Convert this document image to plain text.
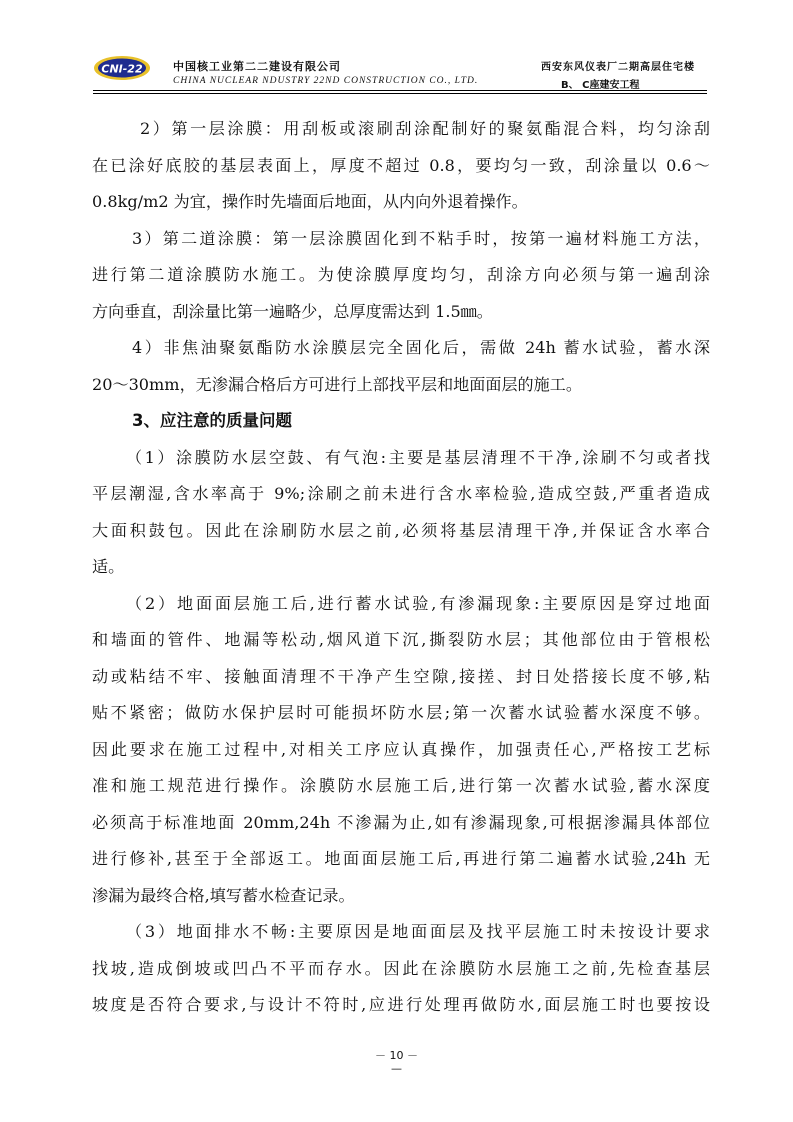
CNI-22	中国核工业第二二建设有限公司
CHINA NUCLEAR NDUSTRY 22ND CONSTRUCTION CO., LTD.
西安东风仪表厂二期高层住宅楼
B、 C座建安工程
2）第一层涂膜：用刮板或滚刷刮涂配制好的聚氨酯混合料，均匀涂刮
在已涂好底胶的基层表面上，厚度不超过 0.8，要均匀一致，刮涂量以 0.6～
0.8kg/m2 为宜，操作时先墙面后地面，从内向外退着操作。
3）第二道涂膜：第一层涂膜固化到不粘手时，按第一遍材料施工方法，
进行第二道涂膜防水施工。为使涂膜厚度均匀，刮涂方向必须与第一遍刮涂
方向垂直，刮涂量比第一遍略少，总厚度需达到 1.5㎜。
4）非焦油聚氨酯防水涂膜层完全固化后，需做 24h 蓄水试验，蓄水深
20～30mm，无渗漏合格后方可进行上部找平层和地面面层的施工。
3、应注意的质量问题
（1）涂膜防水层空鼓、有气泡:主要是基层清理不干净,涂刷不匀或者找
平层潮湿,含水率高于 9%;涂刷之前未进行含水率检验,造成空鼓,严重者造成
大面积鼓包。因此在涂刷防水层之前,必须将基层清理干净,并保证含水率合
适。
（2）地面面层施工后,进行蓄水试验,有渗漏现象:主要原因是穿过地面
和墙面的管件、地漏等松动,烟风道下沉,撕裂防水层；其他部位由于管根松
动或粘结不牢、接触面清理不干净产生空隙,接搓、封日处搭接长度不够,粘
贴不紧密；做防水保护层时可能损坏防水层;第一次蓄水试验蓄水深度不够。
因此要求在施工过程中,对相关工序应认真操作，加强责任心,严格按工艺标
准和施工规范进行操作。涂膜防水层施工后,进行第一次蓄水试验,蓄水深度
必须高于标准地面 20mm,24h 不渗漏为止,如有渗漏现象,可根据渗漏具体部位
进行修补,甚至于全部返工。地面面层施工后,再进行第二遍蓄水试验,24h 无
渗漏为最终合格,填写蓄水检查记录。
（3）地面排水不畅:主要原因是地面面层及找平层施工时未按设计要求
找坡,造成倒坡或凹凸不平而存水。因此在涂膜防水层施工之前,先检查基层
坡度是否符合要求,与设计不符时,应进行处理再做防水,面层施工时也要按设
－ 10 －
—
